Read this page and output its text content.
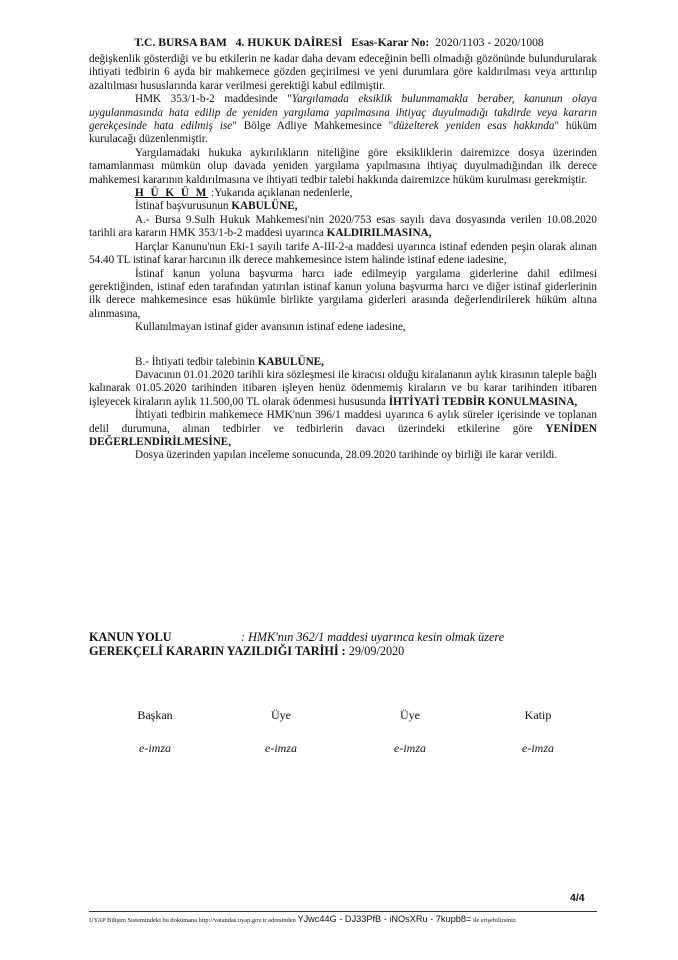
T.C. BURSA BAM 4. HUKUK DAİRESİ Esas-Karar No: 2020/1103 - 2020/1008

değişkenlik gösterdiği ve bu etkilerin ne kadar daha devam edeceğinin belli olmadığı gözönünde bulundurularak ihtiyati tedbirin 6 ayda bir mahkemece gözden geçirilmesi ve yeni durumlara göre kaldırılması veya arttırılıp azaltılması hususlarında karar verilmesi gerektiği kabul edilmiştir.

HMK 353/1-b-2 maddesinde "Yargılamada eksiklik bulunmamakla beraber, kanunun olaya uygulanmasında hata edilip de yeniden yargılama yapılmasına ihtiyaç duyulmadığı takdirde veya kararın gerekçesinde hata edilmiş ise" Bölge Adliye Mahkemesince "düzelterek yeniden esas hakkında" hüküm kurulacağı düzenlenmiştir.

Yargılamadaki hukuka aykırılıkların niteliğine göre eksikliklerin dairemizce dosya üzerinden tamamlanması mümkün olup davada yeniden yargılama yapılmasına ihtiyaç duyulmadığından ilk derece mahkemesi kararının kaldırılmasına ve ihtiyati tedbir talebi hakkında dairemizce hüküm kurulması gerekmiştir.

H Ü K Ü M :Yukarıda açıklanan nedenlerle,

İstinaf başvurusunun KABULÜNE,

A.- Bursa 9.Sulh Hukuk Mahkemesi'nin 2020/753 esas sayılı dava dosyasında verilen 10.08.2020 tarihli ara kararın HMK 353/1-b-2 maddesi uyarınca KALDIRILMASINA,

Harçlar Kanunu'nun Eki-1 sayılı tarife A-III-2-a maddesi uyarınca istinaf edenden peşin olarak alınan 54.40 TL istinaf karar harcının ilk derece mahkemesince istem halinde istinaf edene iadesine,

İstinaf kanun yoluna başvurma harcı iade edilmeyip yargılama giderlerine dahil edilmesi gerektiğinden, istinaf eden tarafından yatırılan istinaf kanun yoluna başvurma harcı ve diğer istinaf giderlerinin ilk derece mahkemesince esas hükümle birlikte yargılama giderleri arasında değerlendirilerek hüküm altına alınmasına,

Kullanılmayan istinaf gider avansının istinaf edene iadesine,

B.- İhtiyati tedbir talebinin KABULÜNE,

Davacının 01.01.2020 tarihli kira sözleşmesi ile kiracısı olduğu kiralananın aylık kirasının taleple bağlı kalınarak 01.05.2020 tarihinden itibaren işleyen henüz ödenmemiş kiraların ve bu karar tarihinden itibaren işleyecek kiraların aylık 11.500,00 TL olarak ödenmesi hususunda İHTİYATİ TEDBİR KONULMASINA,

İhtiyati tedbirin mahkemece HMK'nun 396/1 maddesi uyarınca 6 aylık süreler içerisinde ve toplanan delil durumuna, alınan tedbirler ve tedbirlerin davacı üzerindeki etkilerine göre YENİDEN DEĞERLENDİRİLMESİNE,

Dosya üzerinden yapılan inceleme sonucunda, 28.09.2020 tarihinde oy birliği ile karar verildi.

KANUN YOLU	: HMK'nın 362/1 maddesi uyarınca kesin olmak üzere
GEREKÇELİ KARARIN YAZILDIĞI TARİHİ : 29/09/2020
Başkan
e-imza
Üye
e-imza
Üye
e-imza
Katip
e-imza
4/4
UYAP Bilişim Sistemindeki bu dokümana http://vatandas.uyap.gov.tr adresinden YJwc44G - DJ33PfB - iNOsXRu - 7kupb8= ile erişebilirsiniz.
